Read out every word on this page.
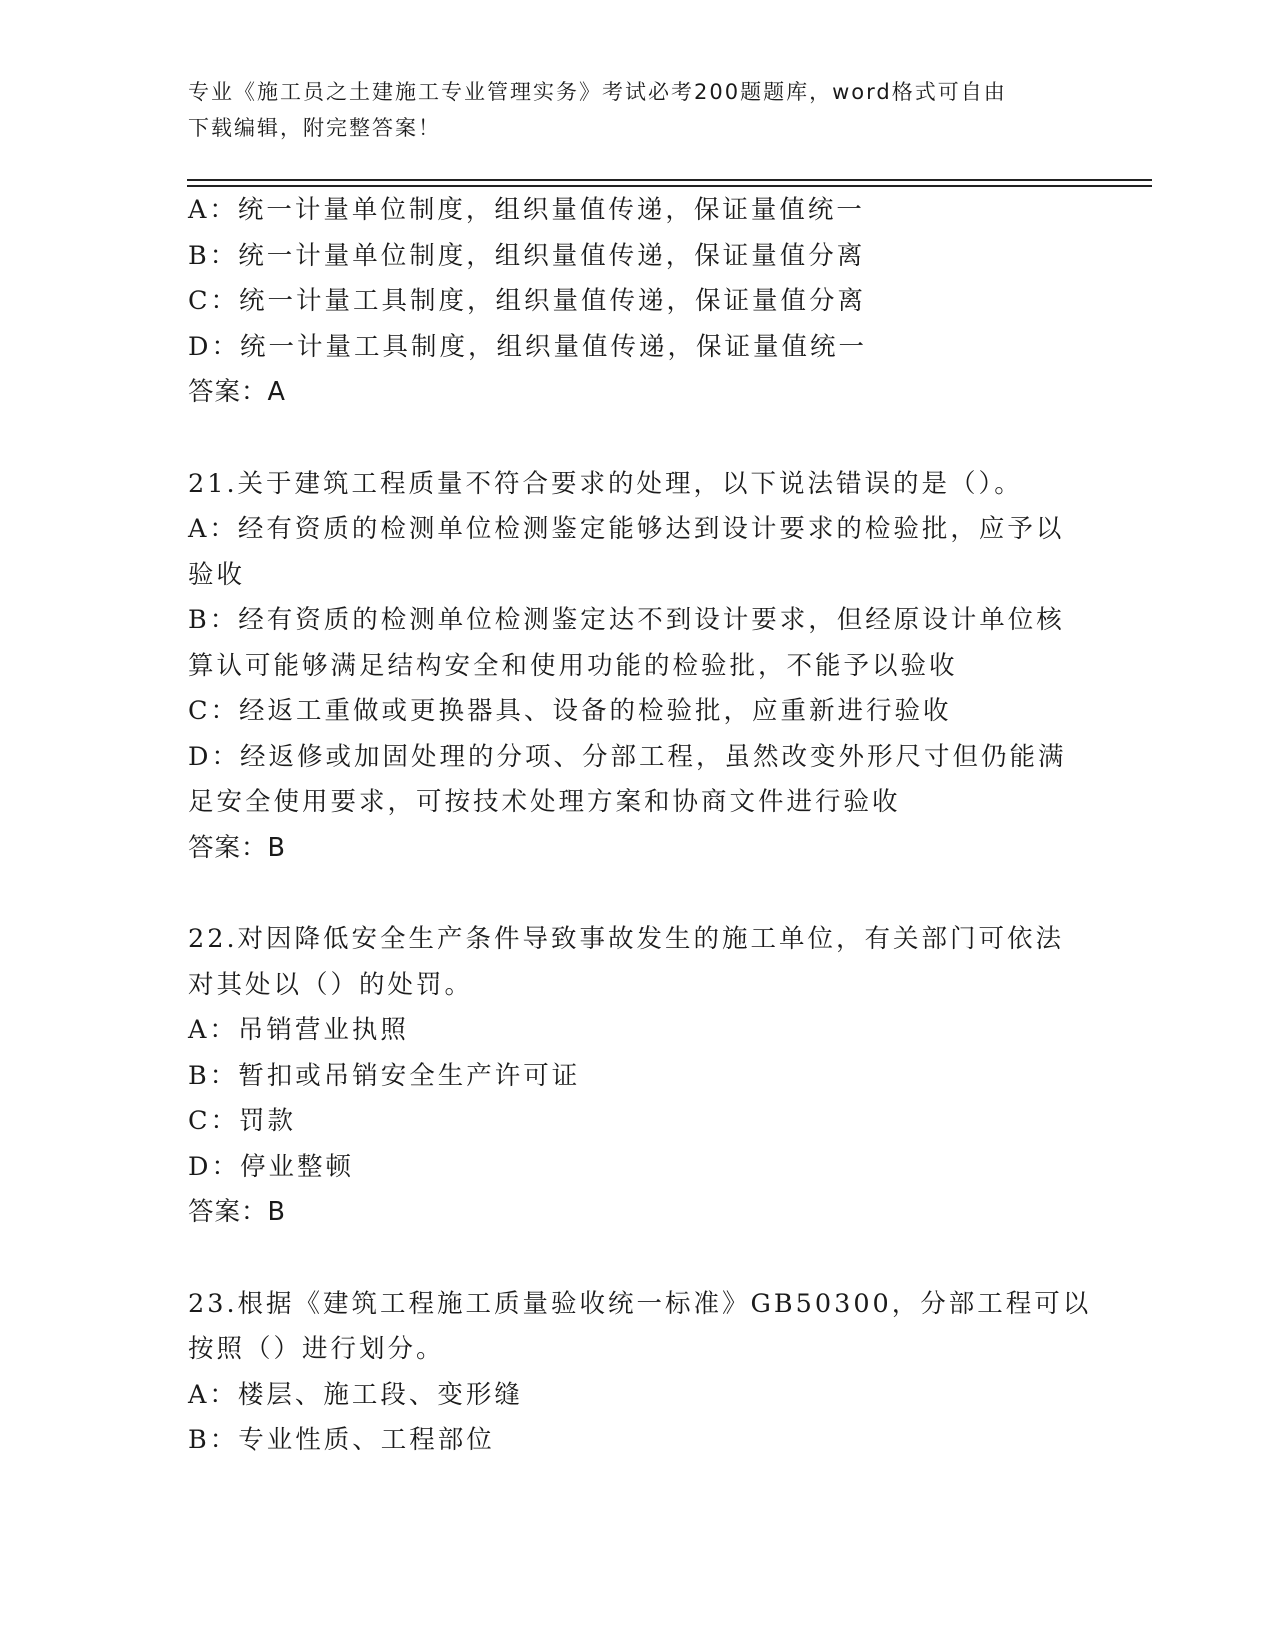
专业《施工员之土建施工专业管理实务》考试必考200题题库，word格式可自由
下载编辑，附完整答案！
A：统一计量单位制度，组织量值传递，保证量值统一
B：统一计量单位制度，组织量值传递，保证量值分离
C：统一计量工具制度，组织量值传递，保证量值分离
D：统一计量工具制度，组织量值传递，保证量值统一
答案：A
21.关于建筑工程质量不符合要求的处理，以下说法错误的是（）。
A：经有资质的检测单位检测鉴定能够达到设计要求的检验批，应予以
验收
B：经有资质的检测单位检测鉴定达不到设计要求，但经原设计单位核
算认可能够满足结构安全和使用功能的检验批，不能予以验收
C：经返工重做或更换器具、设备的检验批，应重新进行验收
D：经返修或加固处理的分项、分部工程，虽然改变外形尺寸但仍能满
足安全使用要求，可按技术处理方案和协商文件进行验收
答案：B
22.对因降低安全生产条件导致事故发生的施工单位，有关部门可依法
对其处以（）的处罚。
A：吊销营业执照
B：暂扣或吊销安全生产许可证
C：罚款
D：停业整顿
答案：B
23.根据《建筑工程施工质量验收统一标准》GB50300，分部工程可以
按照（）进行划分。
A：楼层、施工段、变形缝
B：专业性质、工程部位
